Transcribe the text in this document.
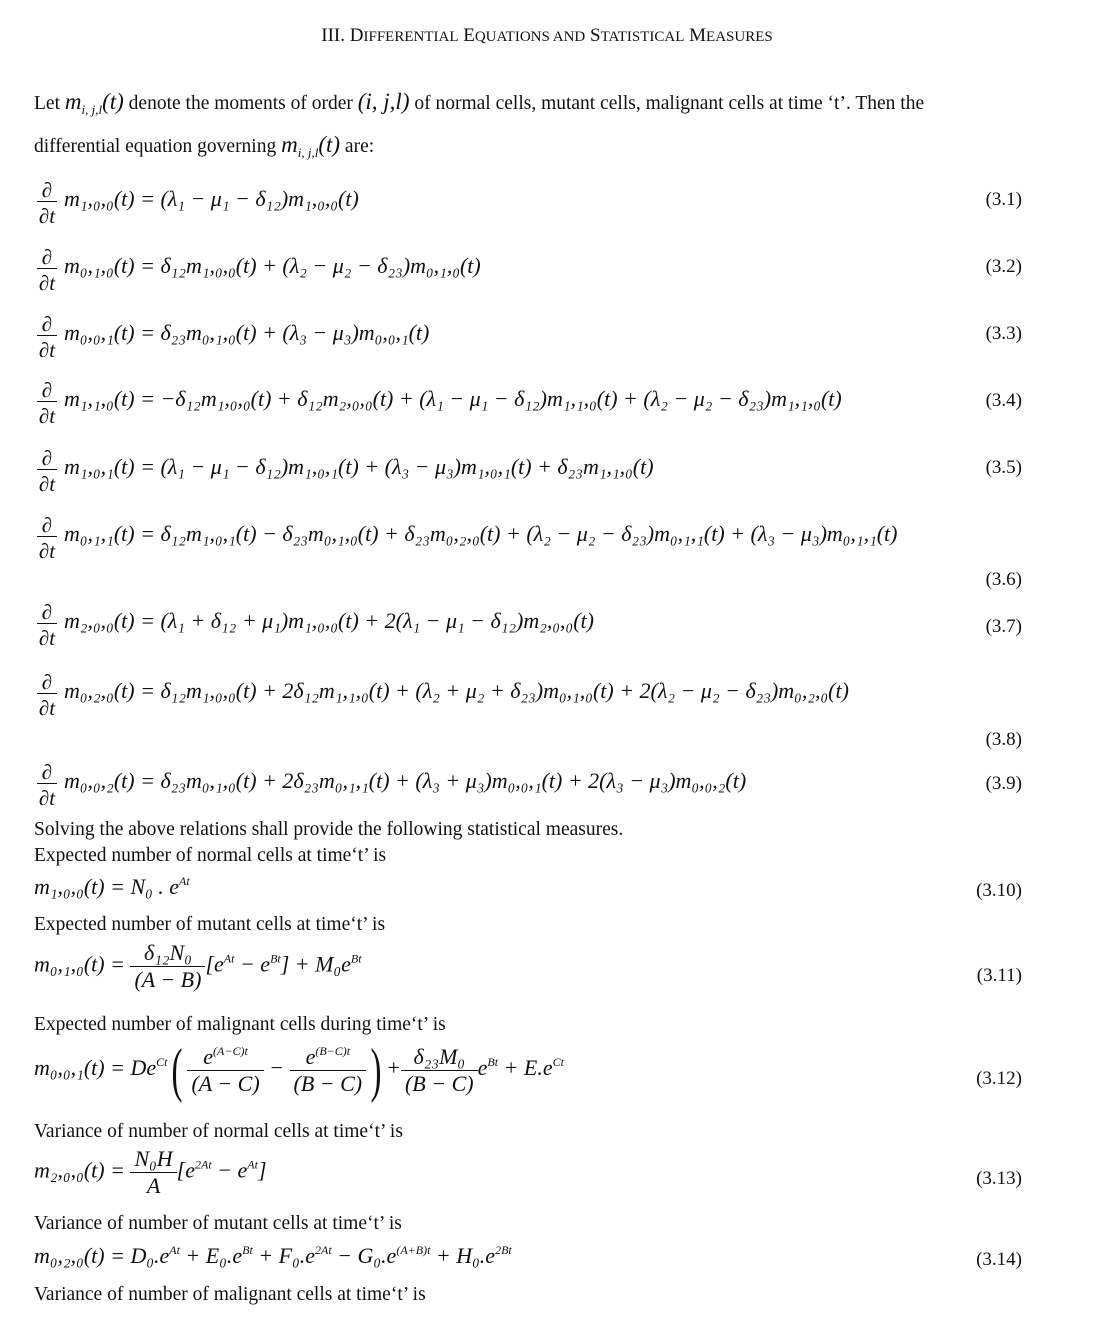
III. DIFFERENTIAL EQUATIONS AND STATISTICAL MEASURES
Let $m_{i, j,l}(t)$ denote the moments of order (i, j,l) of normal cells, mutant cells, malignant cells at time ‘t’. Then the
differential equation governing $m_{i, j,l}(t)$ are:
∂
∂t
m₁,₀,₀(t) = (λ₁ − μ₁ − δ₁₂)m₁,₀,₀(t)	(3.1)
∂
∂t
m₀,₁,₀(t) = δ₁₂m₁,₀,₀(t) + (λ₂ − μ₂ − δ₂₃)m₀,₁,₀(t)	(3.2)
∂
∂t
m₀,₀,₁(t) = δ₂₃m₀,₁,₀(t) + (λ₃ − μ₃)m₀,₀,₁(t)	(3.3)
∂
∂t
m₁,₁,₀(t) = −δ₁₂m₁,₀,₀(t) + δ₁₂m₂,₀,₀(t) + (λ₁ − μ₁ − δ₁₂)m₁,₁,₀(t) + (λ₂ − μ₂ − δ₂₃)m₁,₁,₀(t)	(3.4)
∂
∂t
m₁,₀,₁(t) = (λ₁ − μ₁ − δ₁₂)m₁,₀,₁(t) + (λ₃ − μ₃)m₁,₀,₁(t) + δ₂₃m₁,₁,₀(t)	(3.5)
∂
∂t
m₀,₁,₁(t) = δ₁₂m₁,₀,₁(t) − δ₂₃m₀,₁,₀(t) + δ₂₃m₀,₂,₀(t) + (λ₂ − μ₂ − δ₂₃)m₀,₁,₁(t) + (λ₃ − μ₃)m₀,₁,₁(t)
(3.6)
∂
∂t
m₂,₀,₀(t) = (λ₁ + δ₁₂ + μ₁)m₁,₀,₀(t) + 2(λ₁ − μ₁ − δ₁₂)m₂,₀,₀(t)	(3.7)
∂
∂t
m₀,₂,₀(t) = δ₁₂m₁,₀,₀(t) + 2δ₁₂m₁,₁,₀(t) + (λ₂ + μ₂ + δ₂₃)m₀,₁,₀(t) + 2(λ₂ − μ₂ − δ₂₃)m₀,₂,₀(t)
(3.8)
∂
∂t
m₀,₀,₂(t) = δ₂₃m₀,₁,₀(t) + 2δ₂₃m₀,₁,₁(t) + (λ₃ + μ₃)m₀,₀,₁(t) + 2(λ₃ − μ₃)m₀,₀,₂(t)	(3.9)
Solving the above relations shall provide the following statistical measures.
Expected number of normal cells at time‘t’ is
m₁,₀,₀(t) = N₀ . $e^{At}$	(3.10)
Expected number of mutant cells at time‘t’ is
$m_0,_1,_0(t) = \frac{\text{δ₁₂N₀}}{(A - B)} [e^{At} - e^{Bt}] + M_0e^{Bt}$
(3.11)
Expected number of malignant cells during time‘t’ is
$m_0,_0,_1(t) = De^{Ct}( \frac{e^{(A-C)t}}{(A - C)} - \frac{e^{(B-C)t}}{(B - C)}$ ) + $\frac{\text{δ₂₃M₀}}{(B - C)} e^{Bt} + E.e^{Ct}$
(3.12)
Variance of number of normal cells at time‘t’ is
$m_2,_0,_0(t) = \frac{\text{N₀H}}{A} [e^{2At} - e^{At}]$	(3.13)
Variance of number of mutant cells at time‘t’ is
$m_0,_2,_0(t) = D_0.e^{At} + E_0.e^{Bt} + F_0.e^{2At} - G_0.e^{(A+B)t} + H_0.e^{2Bt}$	(3.14)
Variance of number of malignant cells at time‘t’ is
